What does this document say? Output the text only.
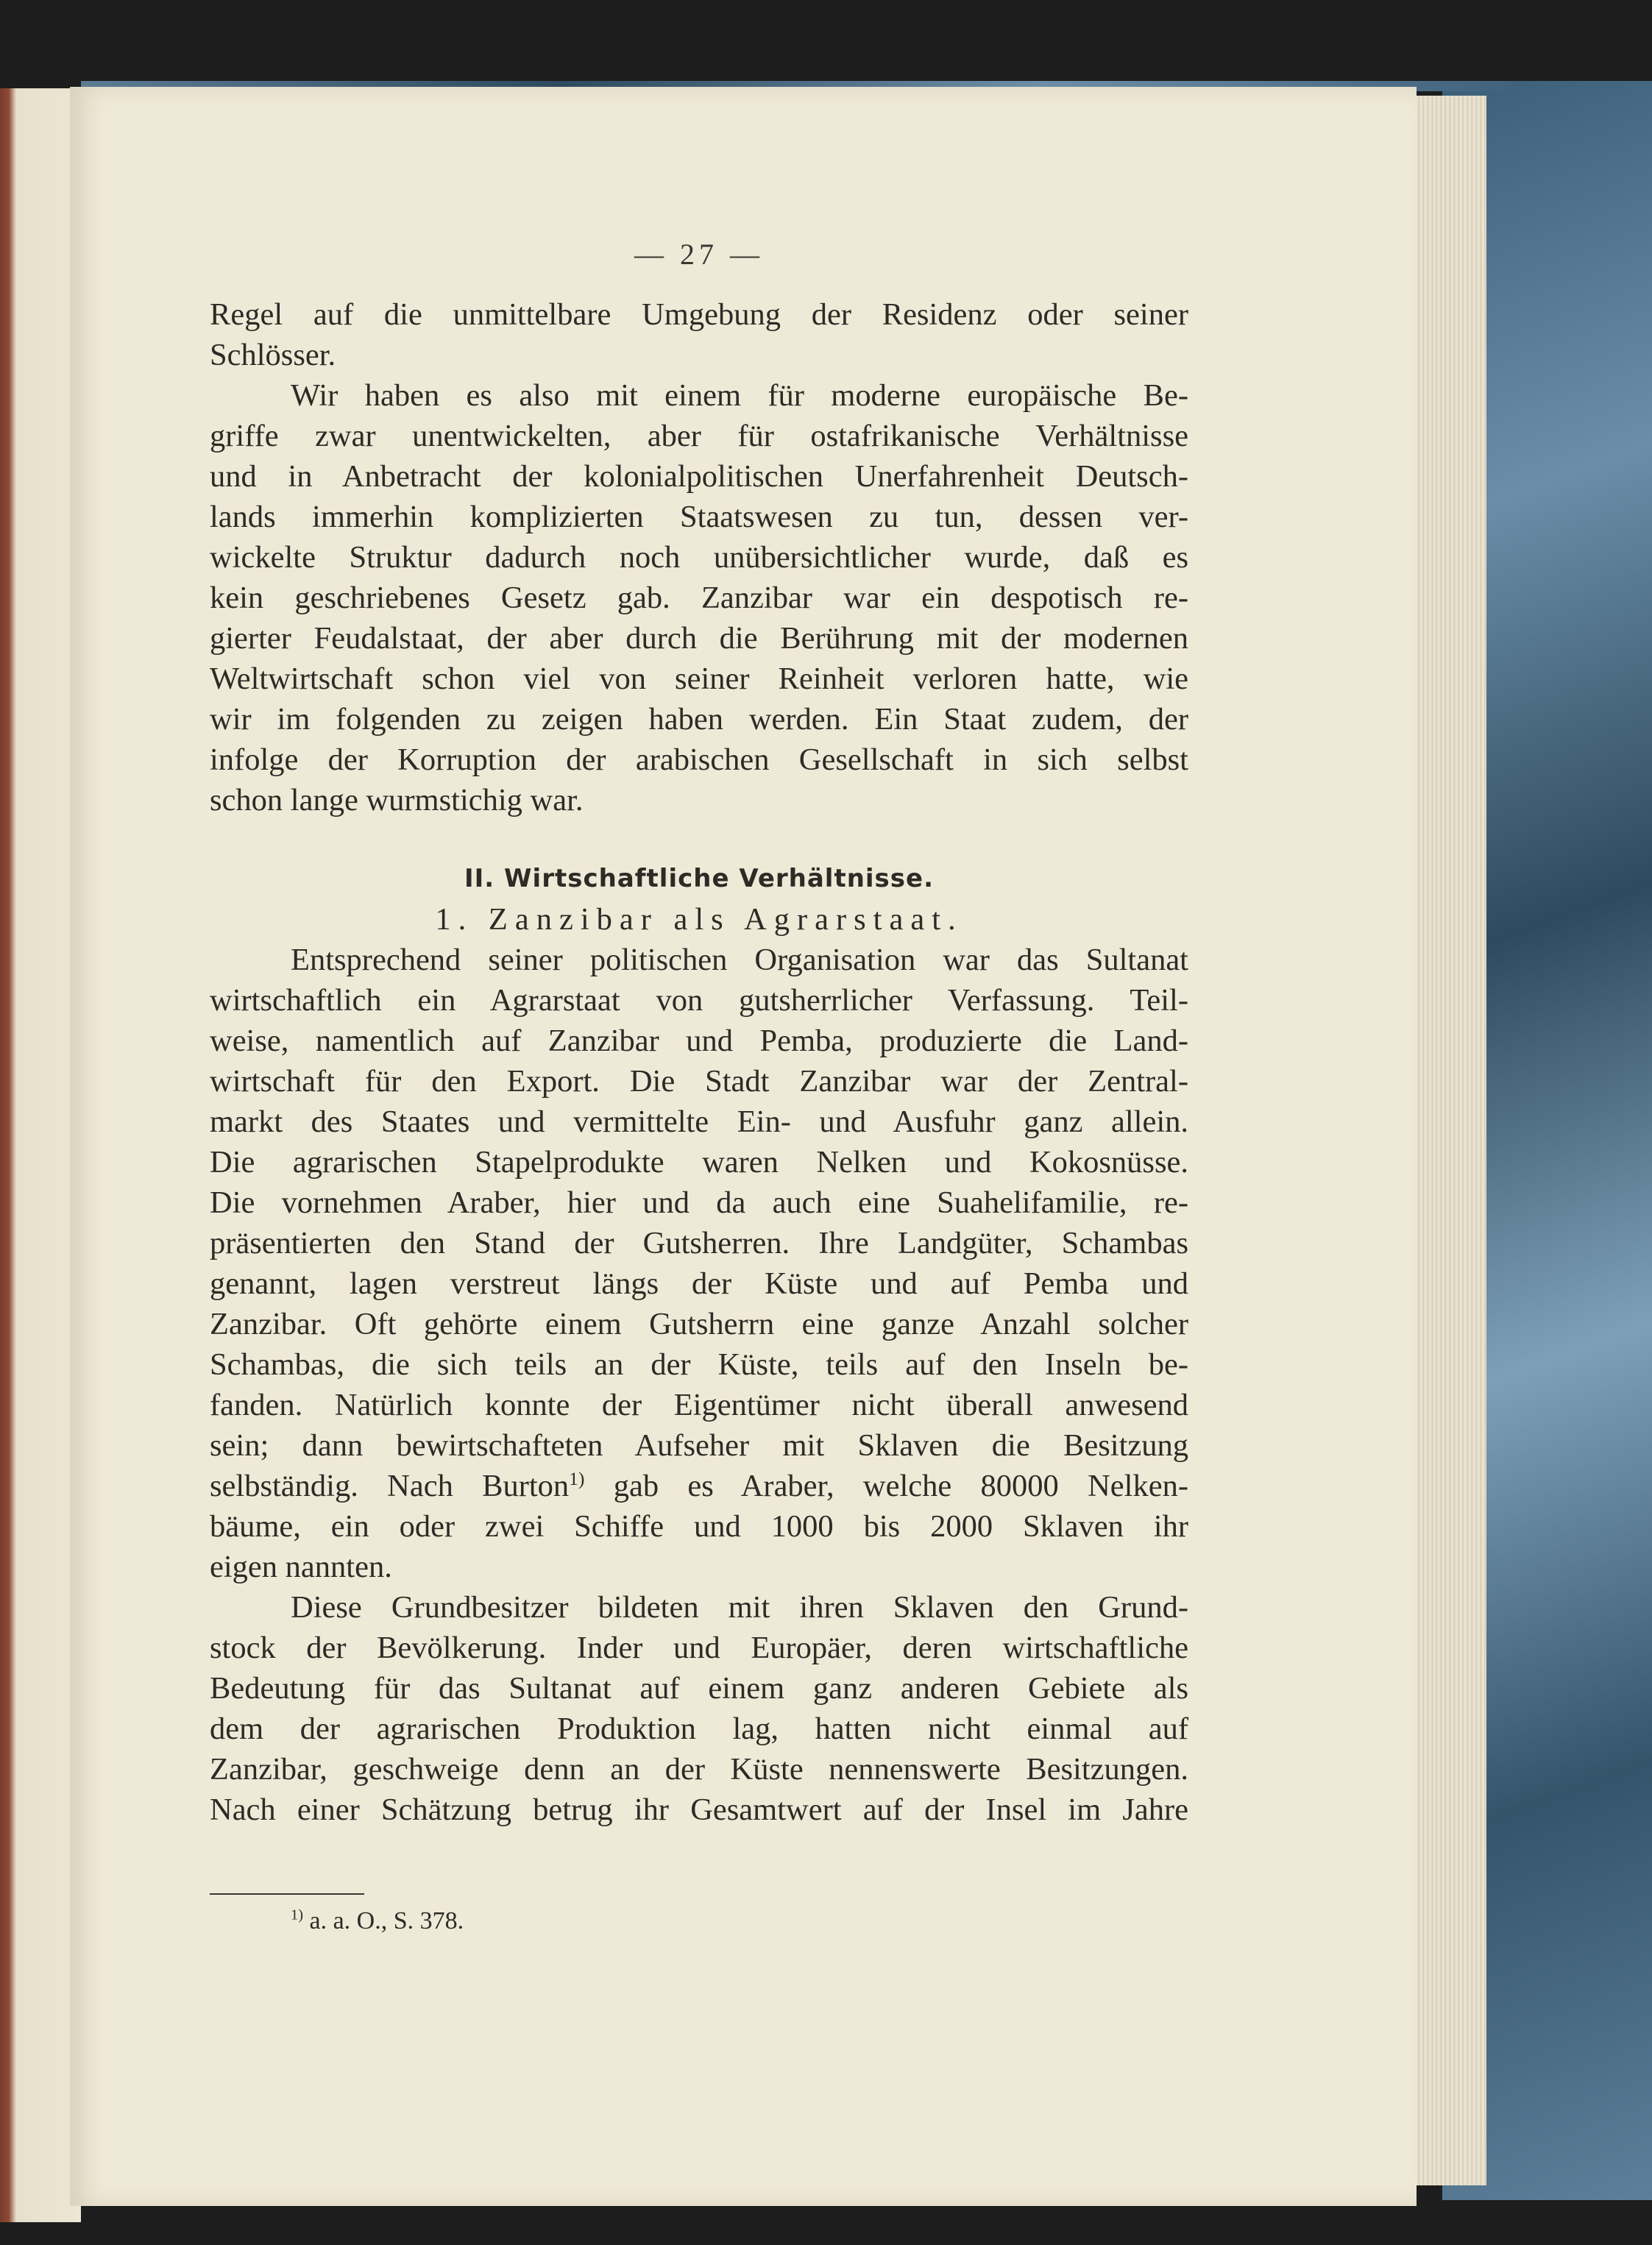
— 27 —
Regel auf die unmittelbare Umgebung der Residenz oder seiner
Schlösser.
Wir haben es also mit einem für moderne europäische Be-
griffe zwar unentwickelten, aber für ostafrikanische Verhältnisse
und in Anbetracht der kolonialpolitischen Unerfahrenheit Deutsch-
lands immerhin komplizierten Staatswesen zu tun, dessen ver-
wickelte Struktur dadurch noch unübersichtlicher wurde, daß es
kein geschriebenes Gesetz gab. Zanzibar war ein despotisch re-
gierter Feudalstaat, der aber durch die Berührung mit der modernen
Weltwirtschaft schon viel von seiner Reinheit verloren hatte, wie
wir im folgenden zu zeigen haben werden. Ein Staat zudem, der
infolge der Korruption der arabischen Gesellschaft in sich selbst
schon lange wurmstichig war.
II. Wirtschaftliche Verhältnisse.
1. Zanzibar als Agrarstaat.
Entsprechend seiner politischen Organisation war das Sultanat
wirtschaftlich ein Agrarstaat von gutsherrlicher Verfassung. Teil-
weise, namentlich auf Zanzibar und Pemba, produzierte die Land-
wirtschaft für den Export. Die Stadt Zanzibar war der Zentral-
markt des Staates und vermittelte Ein- und Ausfuhr ganz allein.
Die agrarischen Stapelprodukte waren Nelken und Kokosnüsse.
Die vornehmen Araber, hier und da auch eine Suahelifamilie, re-
präsentierten den Stand der Gutsherren. Ihre Landgüter, Schambas
genannt, lagen verstreut längs der Küste und auf Pemba und
Zanzibar. Oft gehörte einem Gutsherrn eine ganze Anzahl solcher
Schambas, die sich teils an der Küste, teils auf den Inseln be-
fanden. Natürlich konnte der Eigentümer nicht überall anwesend
sein; dann bewirtschafteten Aufseher mit Sklaven die Besitzung
selbständig. Nach Burton$^{1)}$ gab es Araber, welche 80000 Nelken-
bäume, ein oder zwei Schiffe und 1000 bis 2000 Sklaven ihr
eigen nannten.
Diese Grundbesitzer bildeten mit ihren Sklaven den Grund-
stock der Bevölkerung. Inder und Europäer, deren wirtschaftliche
Bedeutung für das Sultanat auf einem ganz anderen Gebiete als
dem der agrarischen Produktion lag, hatten nicht einmal auf
Zanzibar, geschweige denn an der Küste nennenswerte Besitzungen.
Nach einer Schätzung betrug ihr Gesamtwert auf der Insel im Jahre
$^{1)}$ a. a. O., S. 378.
